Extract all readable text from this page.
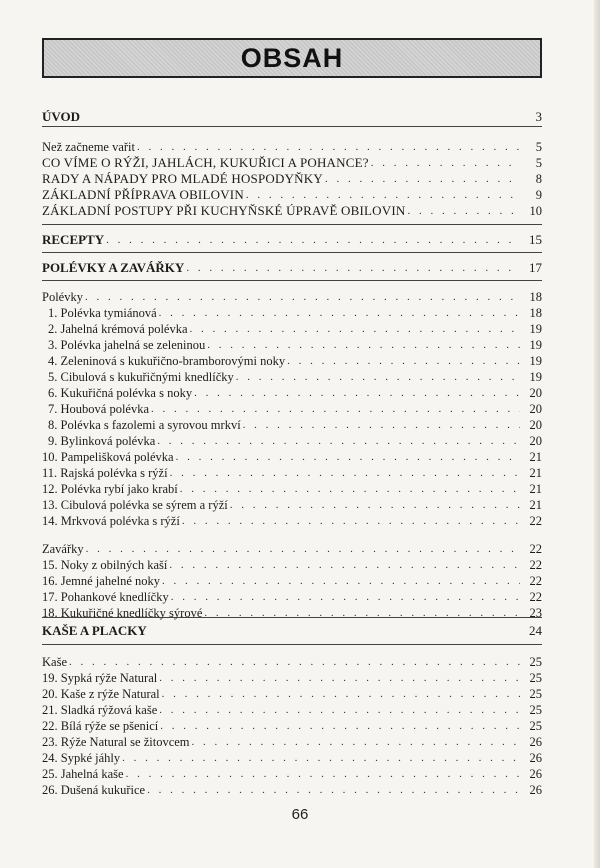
OBSAH
ÚVOD	3
Než začneme vařit . . .	5
CO VÍME O RÝŽI, JAHLÁCH, KUKUŘICI A POHANCE? . . .	5
RADY A NÁPADY PRO MLADÉ HOSPODYŇKY . . .	8
ZÁKLADNÍ PŘÍPRAVA OBILOVIN . . .	9
ZÁKLADNÍ POSTUPY PŘI KUCHYŇSKÉ ÚPRAVĚ OBILOVIN . . .	10
RECEPTY . . .	15
POLÉVKY A ZAVÁŘKY . . .	17
Polévky . . .	18
1. Polévka tymiánová . . .	18
2. Jahelná krémová polévka . . .	19
3. Polévka jahelná se zeleninou . . .	19
4. Zeleninová s kukuřično-bramborovými noky . . .	19
5. Cibulová s kukuřičnými knedlíčky . . .	19
6. Kukuřičná polévka s noky . . .	20
7. Houbová polévka . . .	20
8. Polévka s fazolemi a syrovou mrkví . . .	20
9. Bylinková polévka . . .	20
10. Pampelišková polévka . . .	21
11. Rajská polévka s rýží . . .	21
12. Polévka rybí jako krabí . . .	21
13. Cibulová polévka se sýrem a rýží . . .	21
14. Mrkvová polévka s rýží . . .	22
Zavářky . . .	22
15. Noky z obilných kaší . . .	22
16. Jemné jahelné noky . . .	22
17. Pohankové knedlíčky . . .	22
18. Kukuřičné knedlíčky sýrové . . .	23
KAŠE A PLACKY	24
Kaše . . .	25
19. Sypká rýže Natural . . .	25
20. Kaše z rýže Natural . . .	25
21. Sladká rýžová kaše . . .	25
22. Bílá rýže se pšenicí . . .	25
23. Rýže Natural se žitovcem . . .	26
24. Sypké jáhly . . .	26
25. Jahelná kaše . . .	26
26. Dušená kukuřice . . .	26
66
